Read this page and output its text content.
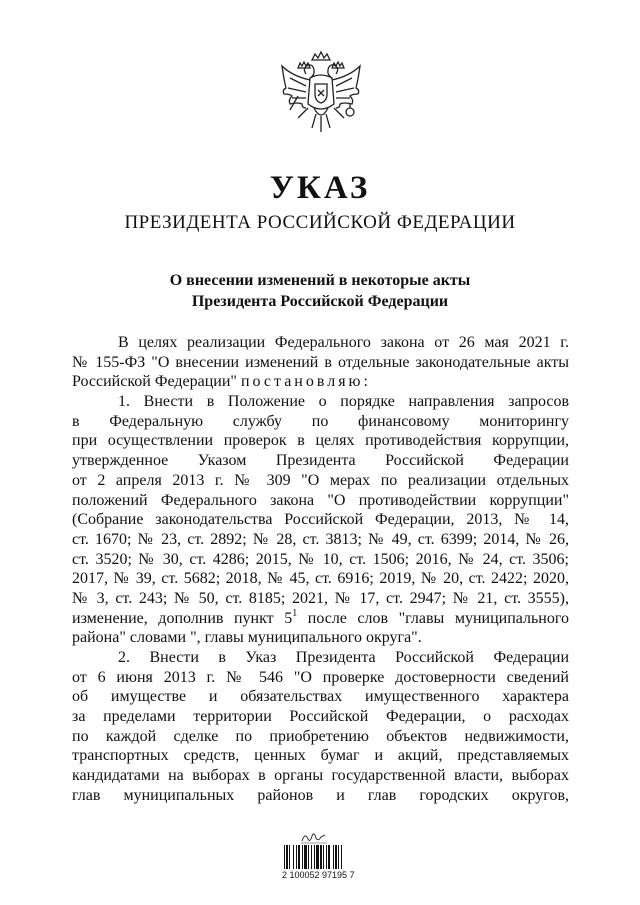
УКАЗ
ПРЕЗИДЕНТА РОССИЙСКОЙ ФЕДЕРАЦИИ
О внесении изменений в некоторые акты
Президента Российской Федерации
В целях реализации Федерального закона от 26 мая 2021 г.
№ 155-ФЗ "О внесении изменений в отдельные законодательные акты
Российской Федерации" постановляю:
1. Внести в Положение о порядке направления запросов
в Федеральную службу по финансовому мониторингу
при осуществлении проверок в целях противодействия коррупции,
утвержденное Указом Президента Российской Федерации
от 2 апреля 2013 г. № 309 "О мерах по реализации отдельных
положений Федерального закона "О противодействии коррупции"
(Собрание законодательства Российской Федерации, 2013, № 14,
ст. 1670; № 23, ст. 2892; № 28, ст. 3813; № 49, ст. 6399; 2014, № 26,
ст. 3520; № 30, ст. 4286; 2015, № 10, ст. 1506; 2016, № 24, ст. 3506;
2017, № 39, ст. 5682; 2018, № 45, ст. 6916; 2019, № 20, ст. 2422; 2020,
№ 3, ст. 243; № 50, ст. 8185; 2021, № 17, ст. 2947; № 21, ст. 3555),
изменение, дополнив пункт $5^1$ после слов "главы муниципального
района" словами ", главы муниципального округа".
2. Внести в Указ Президента Российской Федерации
от 6 июня 2013 г. № 546 "О проверке достоверности сведений
об имуществе и обязательствах имущественного характера
за пределами территории Российской Федерации, о расходах
по каждой сделке по приобретению объектов недвижимости,
транспортных средств, ценных бумаг и акций, представляемых
кандидатами на выборах в органы государственной власти, выборах
глав муниципальных районов и глав городских округов,
2 100052 97195 7
